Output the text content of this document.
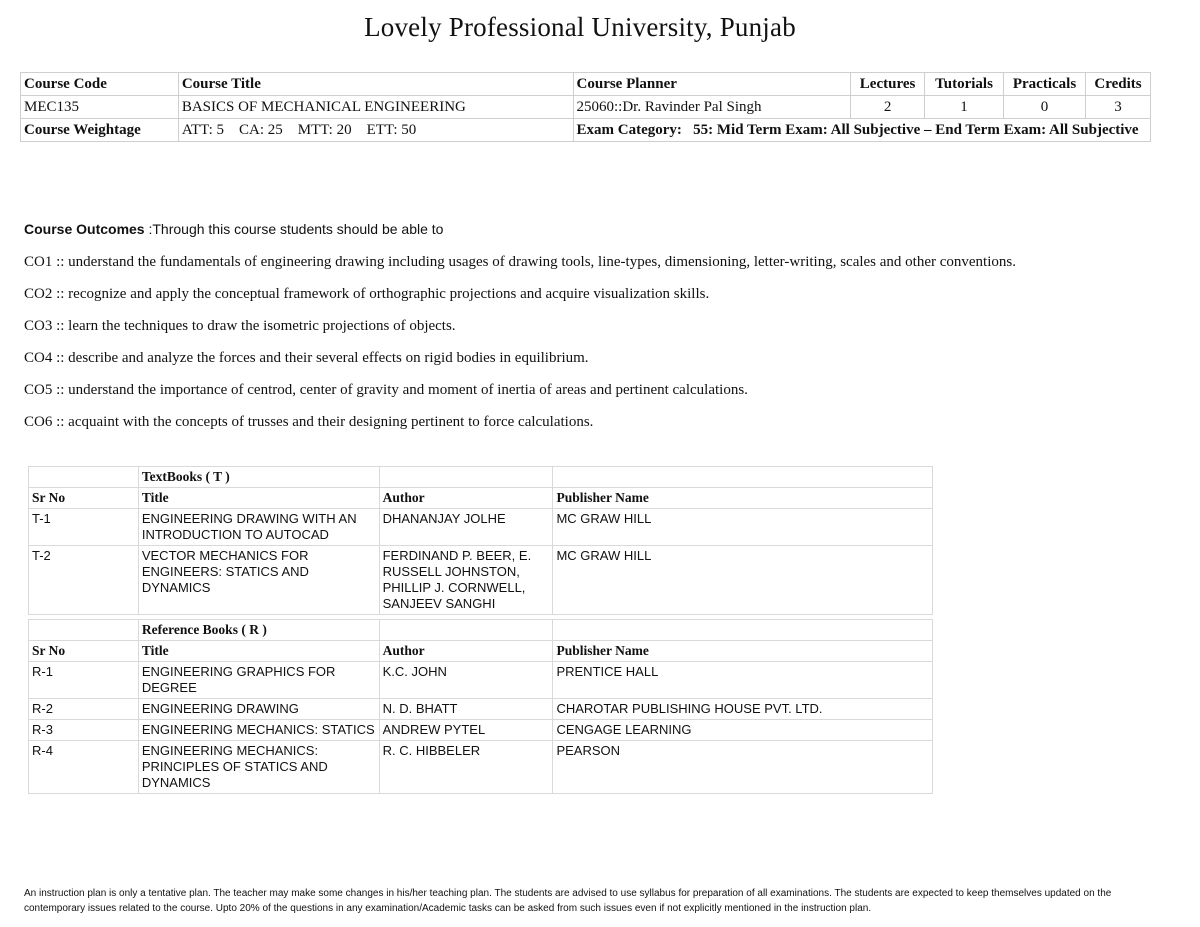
Lovely Professional University, Punjab
Course Code	Course Title	Course Planner	Lectures	Tutorials	Practicals	Credits
MEC135	BASICS OF MECHANICAL ENGINEERING	25060::Dr. Ravinder Pal Singh	2	1	0	3
Course Weightage	ATT: 5    CA: 25    MTT: 20    ETT: 50	Exam Category: 55: Mid Term Exam: All Subjective – End Term Exam: All Subjective				
Course Outcomes :Through this course students should be able to
CO1 :: understand the fundamentals of engineering drawing including usages of drawing tools, line-types, dimensioning, letter-writing, scales and other conventions.
CO2 :: recognize and apply the conceptual framework of orthographic projections and acquire visualization skills.
CO3 :: learn the techniques to draw the isometric projections of objects.
CO4 :: describe and analyze the forces and their several effects on rigid bodies in equilibrium.
CO5 :: understand the importance of centrod, center of gravity and moment of inertia of areas and pertinent calculations.
CO6 :: acquaint with the concepts of trusses and their designing pertinent to force calculations.
	TextBooks ( T )		
Sr No	Title	Author	Publisher Name
T-1	ENGINEERING DRAWING WITH AN INTRODUCTION TO AUTOCAD	DHANANJAY JOLHE	MC GRAW HILL
T-2	VECTOR MECHANICS FOR ENGINEERS: STATICS AND DYNAMICS	FERDINAND P. BEER, E. RUSSELL JOHNSTON, PHILLIP J. CORNWELL, SANJEEV SANGHI	MC GRAW HILL

	Reference Books ( R )		
Sr No	Title	Author	Publisher Name
R-1	ENGINEERING GRAPHICS FOR DEGREE	K.C. JOHN	PRENTICE HALL
R-2	ENGINEERING DRAWING	N. D. BHATT	CHAROTAR PUBLISHING HOUSE PVT. LTD.
R-3	ENGINEERING MECHANICS: STATICS	ANDREW PYTEL	CENGAGE LEARNING
R-4	ENGINEERING MECHANICS: PRINCIPLES OF STATICS AND DYNAMICS	R. C. HIBBELER	PEARSON
An instruction plan is only a tentative plan. The teacher may make some changes in his/her teaching plan. The students are advised to use syllabus for preparation of all examinations. The students are expected to keep themselves updated on the contemporary issues related to the course. Upto 20% of the questions in any examination/Academic tasks can be asked from such issues even if not explicitly mentioned in the instruction plan.
